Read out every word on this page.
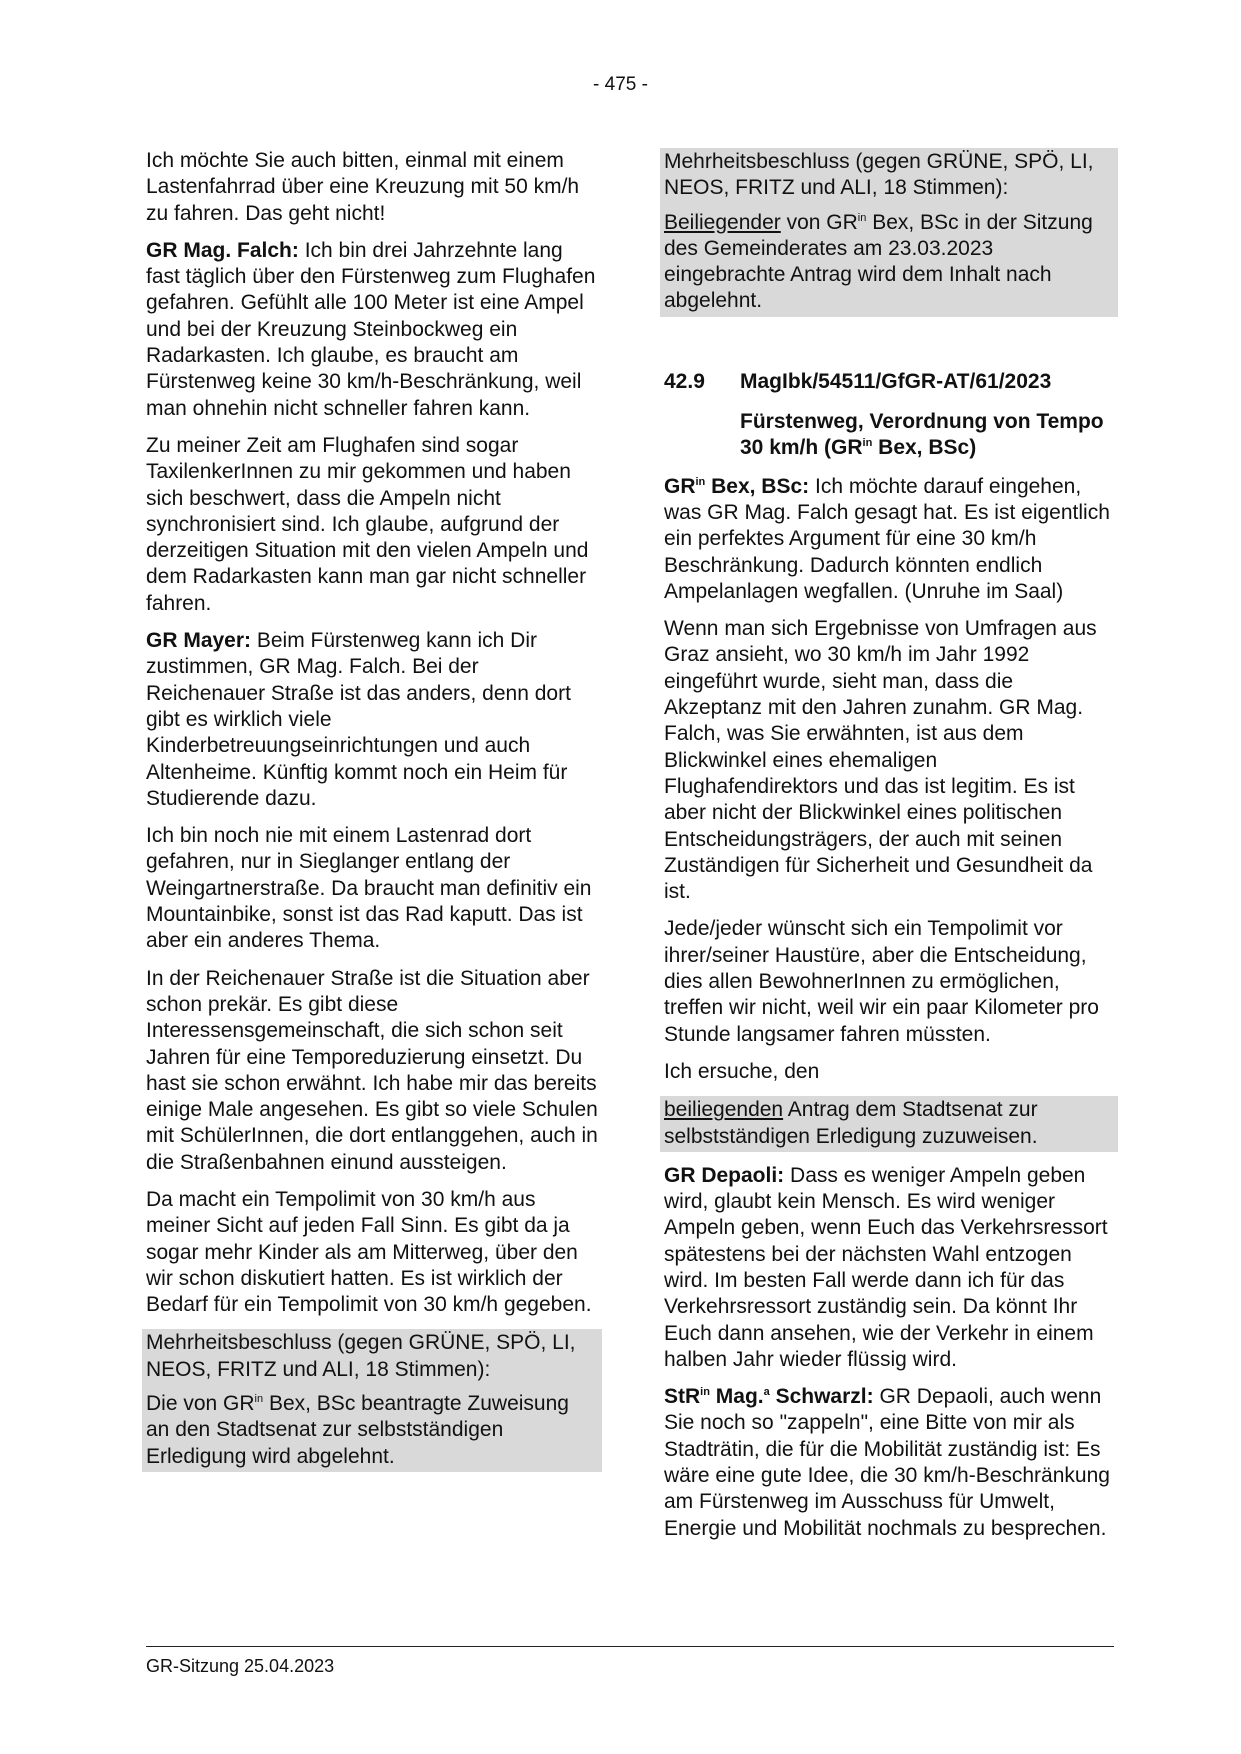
- 475 -

Ich möchte Sie auch bitten, einmal mit einem Lastenfahrrad über eine Kreuzung mit 50 km/h zu fahren. Das geht nicht!

GR Mag. Falch: Ich bin drei Jahrzehnte lang fast täglich über den Fürstenweg zum Flughafen gefahren. Gefühlt alle 100 Meter ist eine Ampel und bei der Kreuzung Steinbockweg ein Radarkasten. Ich glaube, es braucht am Fürstenweg keine 30 km/h-Beschränkung, weil man ohnehin nicht schneller fahren kann.

Zu meiner Zeit am Flughafen sind sogar TaxilenkerInnen zu mir gekommen und haben sich beschwert, dass die Ampeln nicht synchronisiert sind. Ich glaube, aufgrund der derzeitigen Situation mit den vielen Ampeln und dem Radarkasten kann man gar nicht schneller fahren.

GR Mayer: Beim Fürstenweg kann ich Dir zustimmen, GR Mag. Falch. Bei der Reichenauer Straße ist das anders, denn dort gibt es wirklich viele Kinderbetreuungseinrichtungen und auch Altenheime. Künftig kommt noch ein Heim für Studierende dazu.

Ich bin noch nie mit einem Lastenrad dort gefahren, nur in Sieglanger entlang der Weingartnerstraße. Da braucht man definitiv ein Mountainbike, sonst ist das Rad kaputt. Das ist aber ein anderes Thema.

In der Reichenauer Straße ist die Situation aber schon prekär. Es gibt diese Interessensgemeinschaft, die sich schon seit Jahren für eine Temporeduzierung einsetzt. Du hast sie schon erwähnt. Ich habe mir das bereits einige Male angesehen. Es gibt so viele Schulen mit SchülerInnen, die dort entlanggehen, auch in die Straßenbahnen einund aussteigen.

Da macht ein Tempolimit von 30 km/h aus meiner Sicht auf jeden Fall Sinn. Es gibt da ja sogar mehr Kinder als am Mitterweg, über den wir schon diskutiert hatten. Es ist wirklich der Bedarf für ein Tempolimit von 30 km/h gegeben.

Mehrheitsbeschluss (gegen GRÜNE, SPÖ, LI, NEOS, FRITZ und ALI, 18 Stimmen):

Die von $GR^{in}$ Bex, BSc beantragte Zuweisung an den Stadtsenat zur selbstständigen Erledigung wird abgelehnt.

Mehrheitsbeschluss (gegen GRÜNE, SPÖ, LI, NEOS, FRITZ und ALI, 18 Stimmen):

Beiliegender von $GR^{in}$ Bex, BSc in der Sitzung des Gemeinderates am 23.03.2023 eingebrachte Antrag wird dem Inhalt nach abgelehnt.

42.9 MagIbk/54511/GfGR-AT/61/2023
Fürstenweg, Verordnung von Tempo 30 km/h ($GR^{in}$ Bex, BSc)

$GR^{in}$ Bex, BSc: Ich möchte darauf eingehen, was GR Mag. Falch gesagt hat. Es ist eigentlich ein perfektes Argument für eine 30 km/h Beschränkung. Dadurch könnten endlich Ampelanlagen wegfallen. (Unruhe im Saal)

Wenn man sich Ergebnisse von Umfragen aus Graz ansieht, wo 30 km/h im Jahr 1992 eingeführt wurde, sieht man, dass die Akzeptanz mit den Jahren zunahm. GR Mag. Falch, was Sie erwähnten, ist aus dem Blickwinkel eines ehemaligen Flughafendirektors und das ist legitim. Es ist aber nicht der Blickwinkel eines politischen Entscheidungsträgers, der auch mit seinen Zuständigen für Sicherheit und Gesundheit da ist.

Jede/jeder wünscht sich ein Tempolimit vor ihrer/seiner Haustüre, aber die Entscheidung, dies allen BewohnerInnen zu ermöglichen, treffen wir nicht, weil wir ein paar Kilometer pro Stunde langsamer fahren müssten.

Ich ersuche, den

beiliegenden Antrag dem Stadtsenat zur selbstständigen Erledigung zuzuweisen.

GR Depaoli: Dass es weniger Ampeln geben wird, glaubt kein Mensch. Es wird weniger Ampeln geben, wenn Euch das Verkehrsressort spätestens bei der nächsten Wahl entzogen wird. Im besten Fall werde dann ich für das Verkehrsressort zuständig sein. Da könnt Ihr Euch dann ansehen, wie der Verkehr in einem halben Jahr wieder flüssig wird.

StR$^{in}$ Mag.$^a$ Schwarzl: GR Depaoli, auch wenn Sie noch so "zappeln", eine Bitte von mir als Stadträtin, die für die Mobilität zuständig ist: Es wäre eine gute Idee, die 30 km/h-Beschränkung am Fürstenweg im Ausschuss für Umwelt, Energie und Mobilität nochmals zu besprechen.

GR-Sitzung 25.04.2023
